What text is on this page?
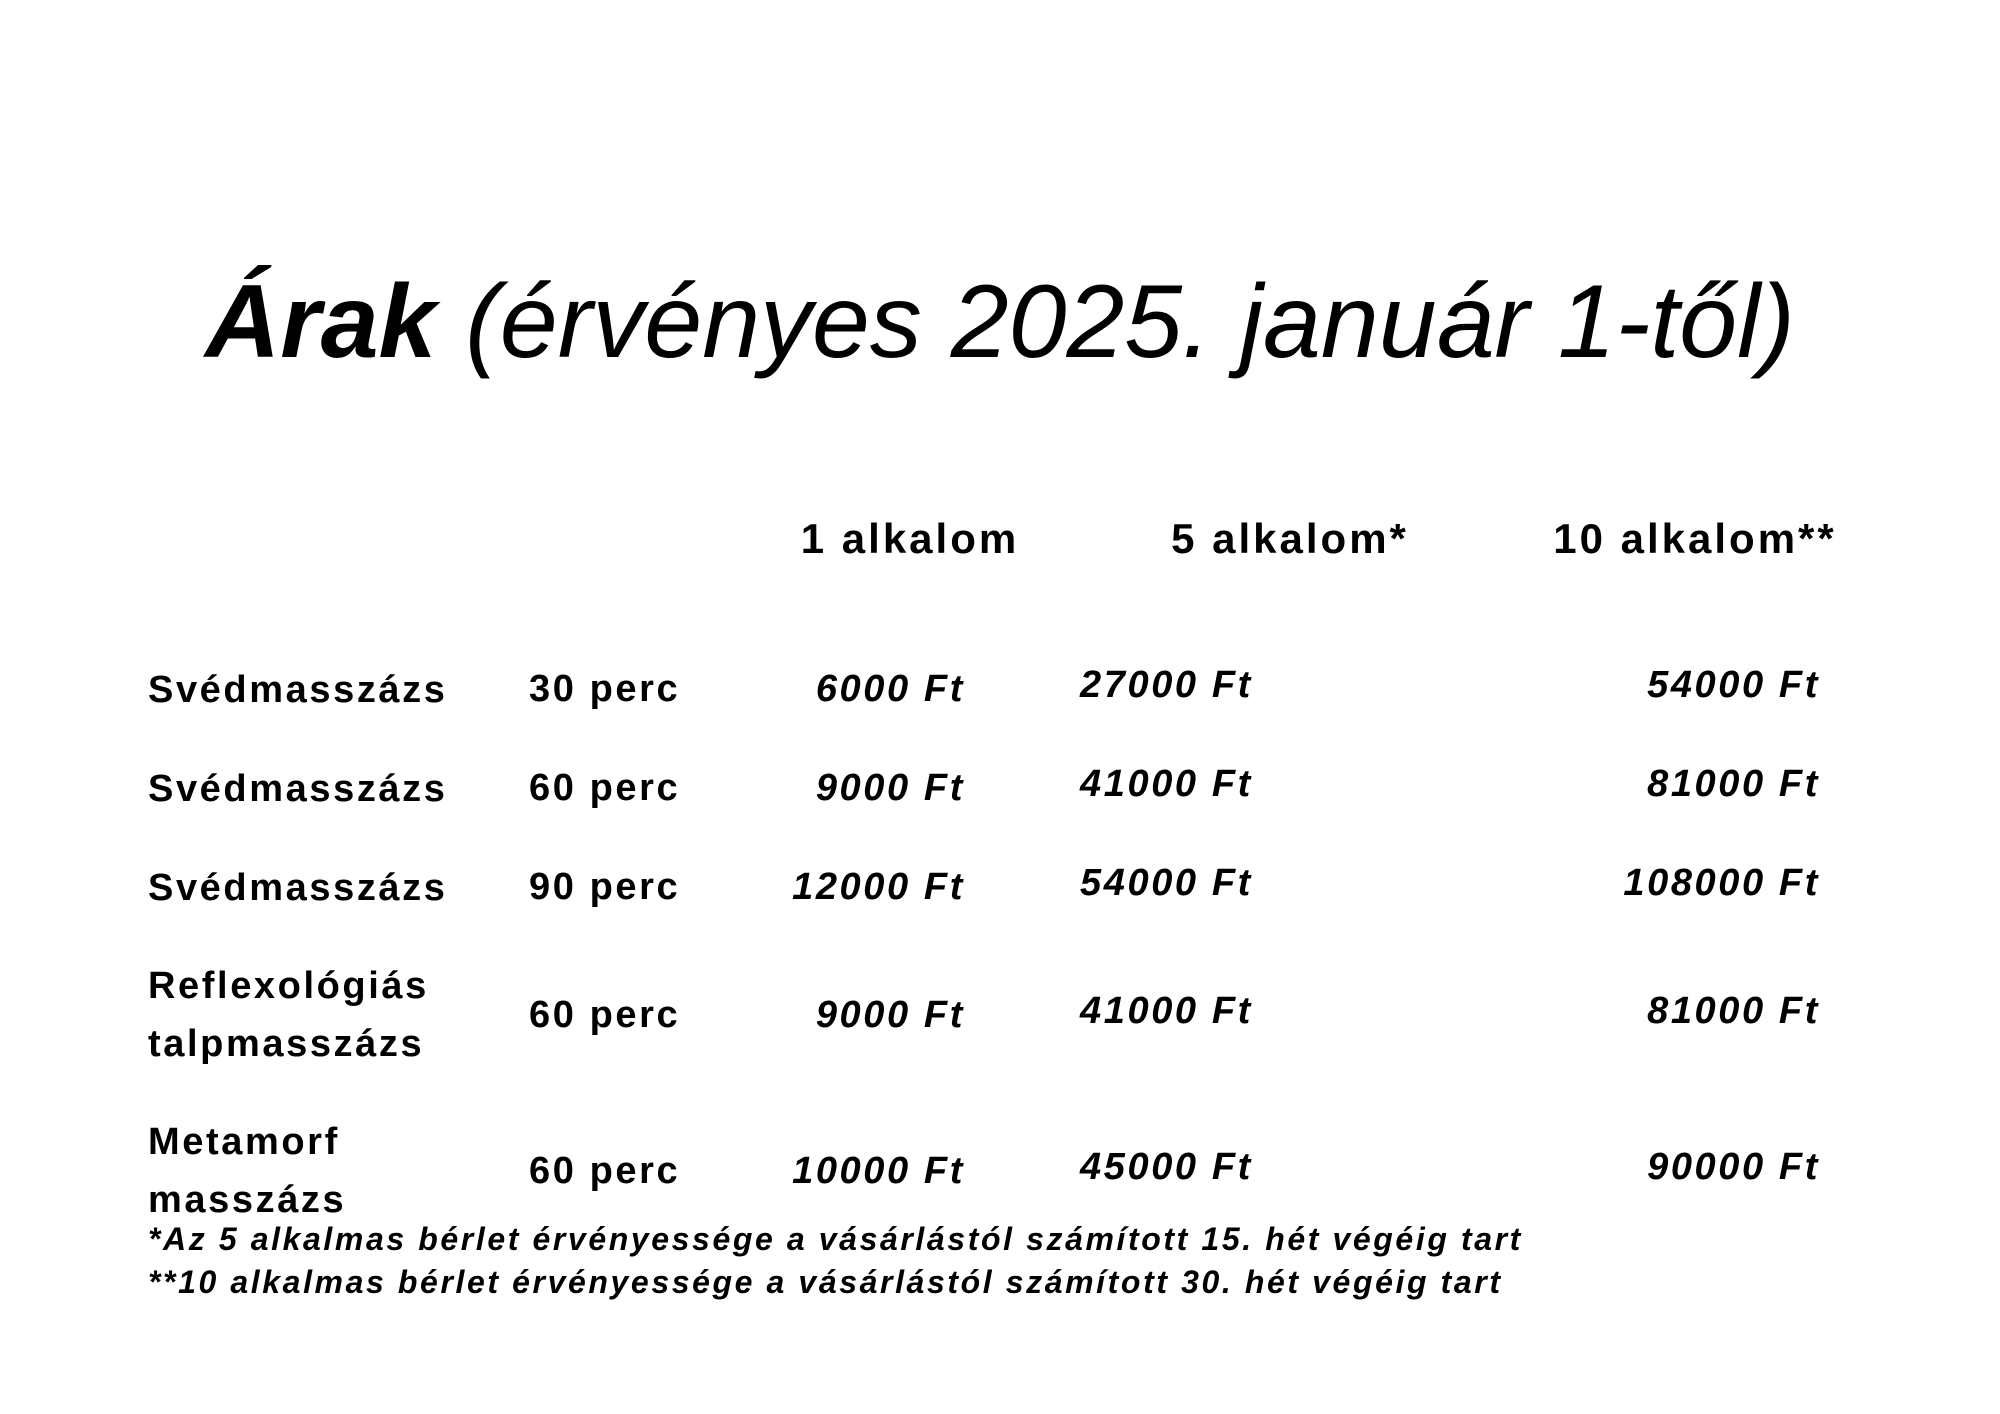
Árak (érvényes 2025. január 1-től)
		1 alkalom	5 alkalom*	10 alkalom**

Svédmasszázs	30 perc	6000 Ft	27000 Ft	54000 Ft
Svédmasszázs	60 perc	9000 Ft	41000 Ft	81000 Ft
Svédmasszázs	90 perc	12000 Ft	54000 Ft	108000 Ft
Reflexológiás talpmasszázs	60 perc	9000 Ft	41000 Ft	81000 Ft
Metamorf masszázs	60 perc	10000 Ft	45000 Ft	90000 Ft
*Az 5 alkalmas bérlet érvényessége a vásárlástól számított 15. hét végéig tart
**10 alkalmas bérlet érvényessége a vásárlástól számított 30. hét végéig tart
